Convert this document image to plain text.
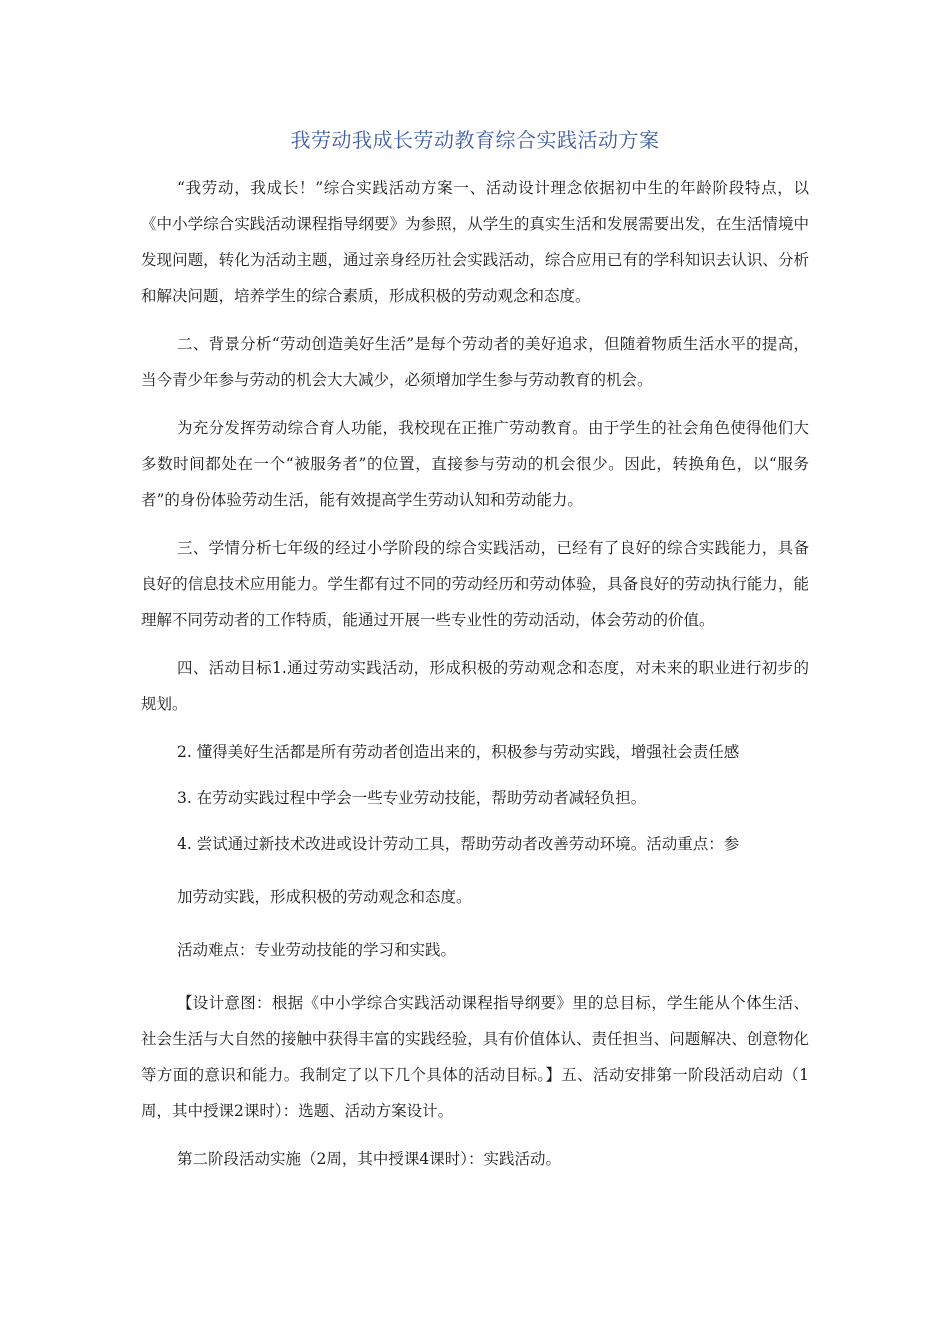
我劳动我成长劳动教育综合实践活动方案

“我劳动，我成长！”综合实践活动方案一、活动设计理念依据初中生的年龄阶段特点，以《中小学综合实践活动课程指导纲要》为参照，从学生的真实生活和发展需要出发，在生活情境中发现问题，转化为活动主题，通过亲身经历社会实践活动，综合应用已有的学科知识去认识、分析和解决问题，培养学生的综合素质，形成积极的劳动观念和态度。

二、背景分析“劳动创造美好生活”是每个劳动者的美好追求，但随着物质生活水平的提高，当今青少年参与劳动的机会大大减少，必须增加学生参与劳动教育的机会。

为充分发挥劳动综合育人功能，我校现在正推广劳动教育。由于学生的社会角色使得他们大多数时间都处在一个“被服务者”的位置，直接参与劳动的机会很少。因此，转换角色，以“服务者”的身份体验劳动生活，能有效提高学生劳动认知和劳动能力。

三、学情分析七年级的经过小学阶段的综合实践活动，已经有了良好的综合实践能力，具备良好的信息技术应用能力。学生都有过不同的劳动经历和劳动体验，具备良好的劳动执行能力，能理解不同劳动者的工作特质，能通过开展一些专业性的劳动活动，体会劳动的价值。

四、活动目标1.通过劳动实践活动，形成积极的劳动观念和态度，对未来的职业进行初步的规划。

2. 懂得美好生活都是所有劳动者创造出来的，积极参与劳动实践，增强社会责任感

3. 在劳动实践过程中学会一些专业劳动技能，帮助劳动者减轻负担。

4. 尝试通过新技术改进或设计劳动工具，帮助劳动者改善劳动环境。活动重点：参

加劳动实践，形成积极的劳动观念和态度。

活动难点：专业劳动技能的学习和实践。

【设计意图：根据《中小学综合实践活动课程指导纲要》里的总目标，学生能从个体生活、社会生活与大自然的接触中获得丰富的实践经验，具有价值体认、责任担当、问题解决、创意物化等方面的意识和能力。我制定了以下几个具体的活动目标。】五、活动安排第一阶段活动启动（1周，其中授课2课时）：选题、活动方案设计。

第二阶段活动实施（2周，其中授课4课时）：实践活动。
